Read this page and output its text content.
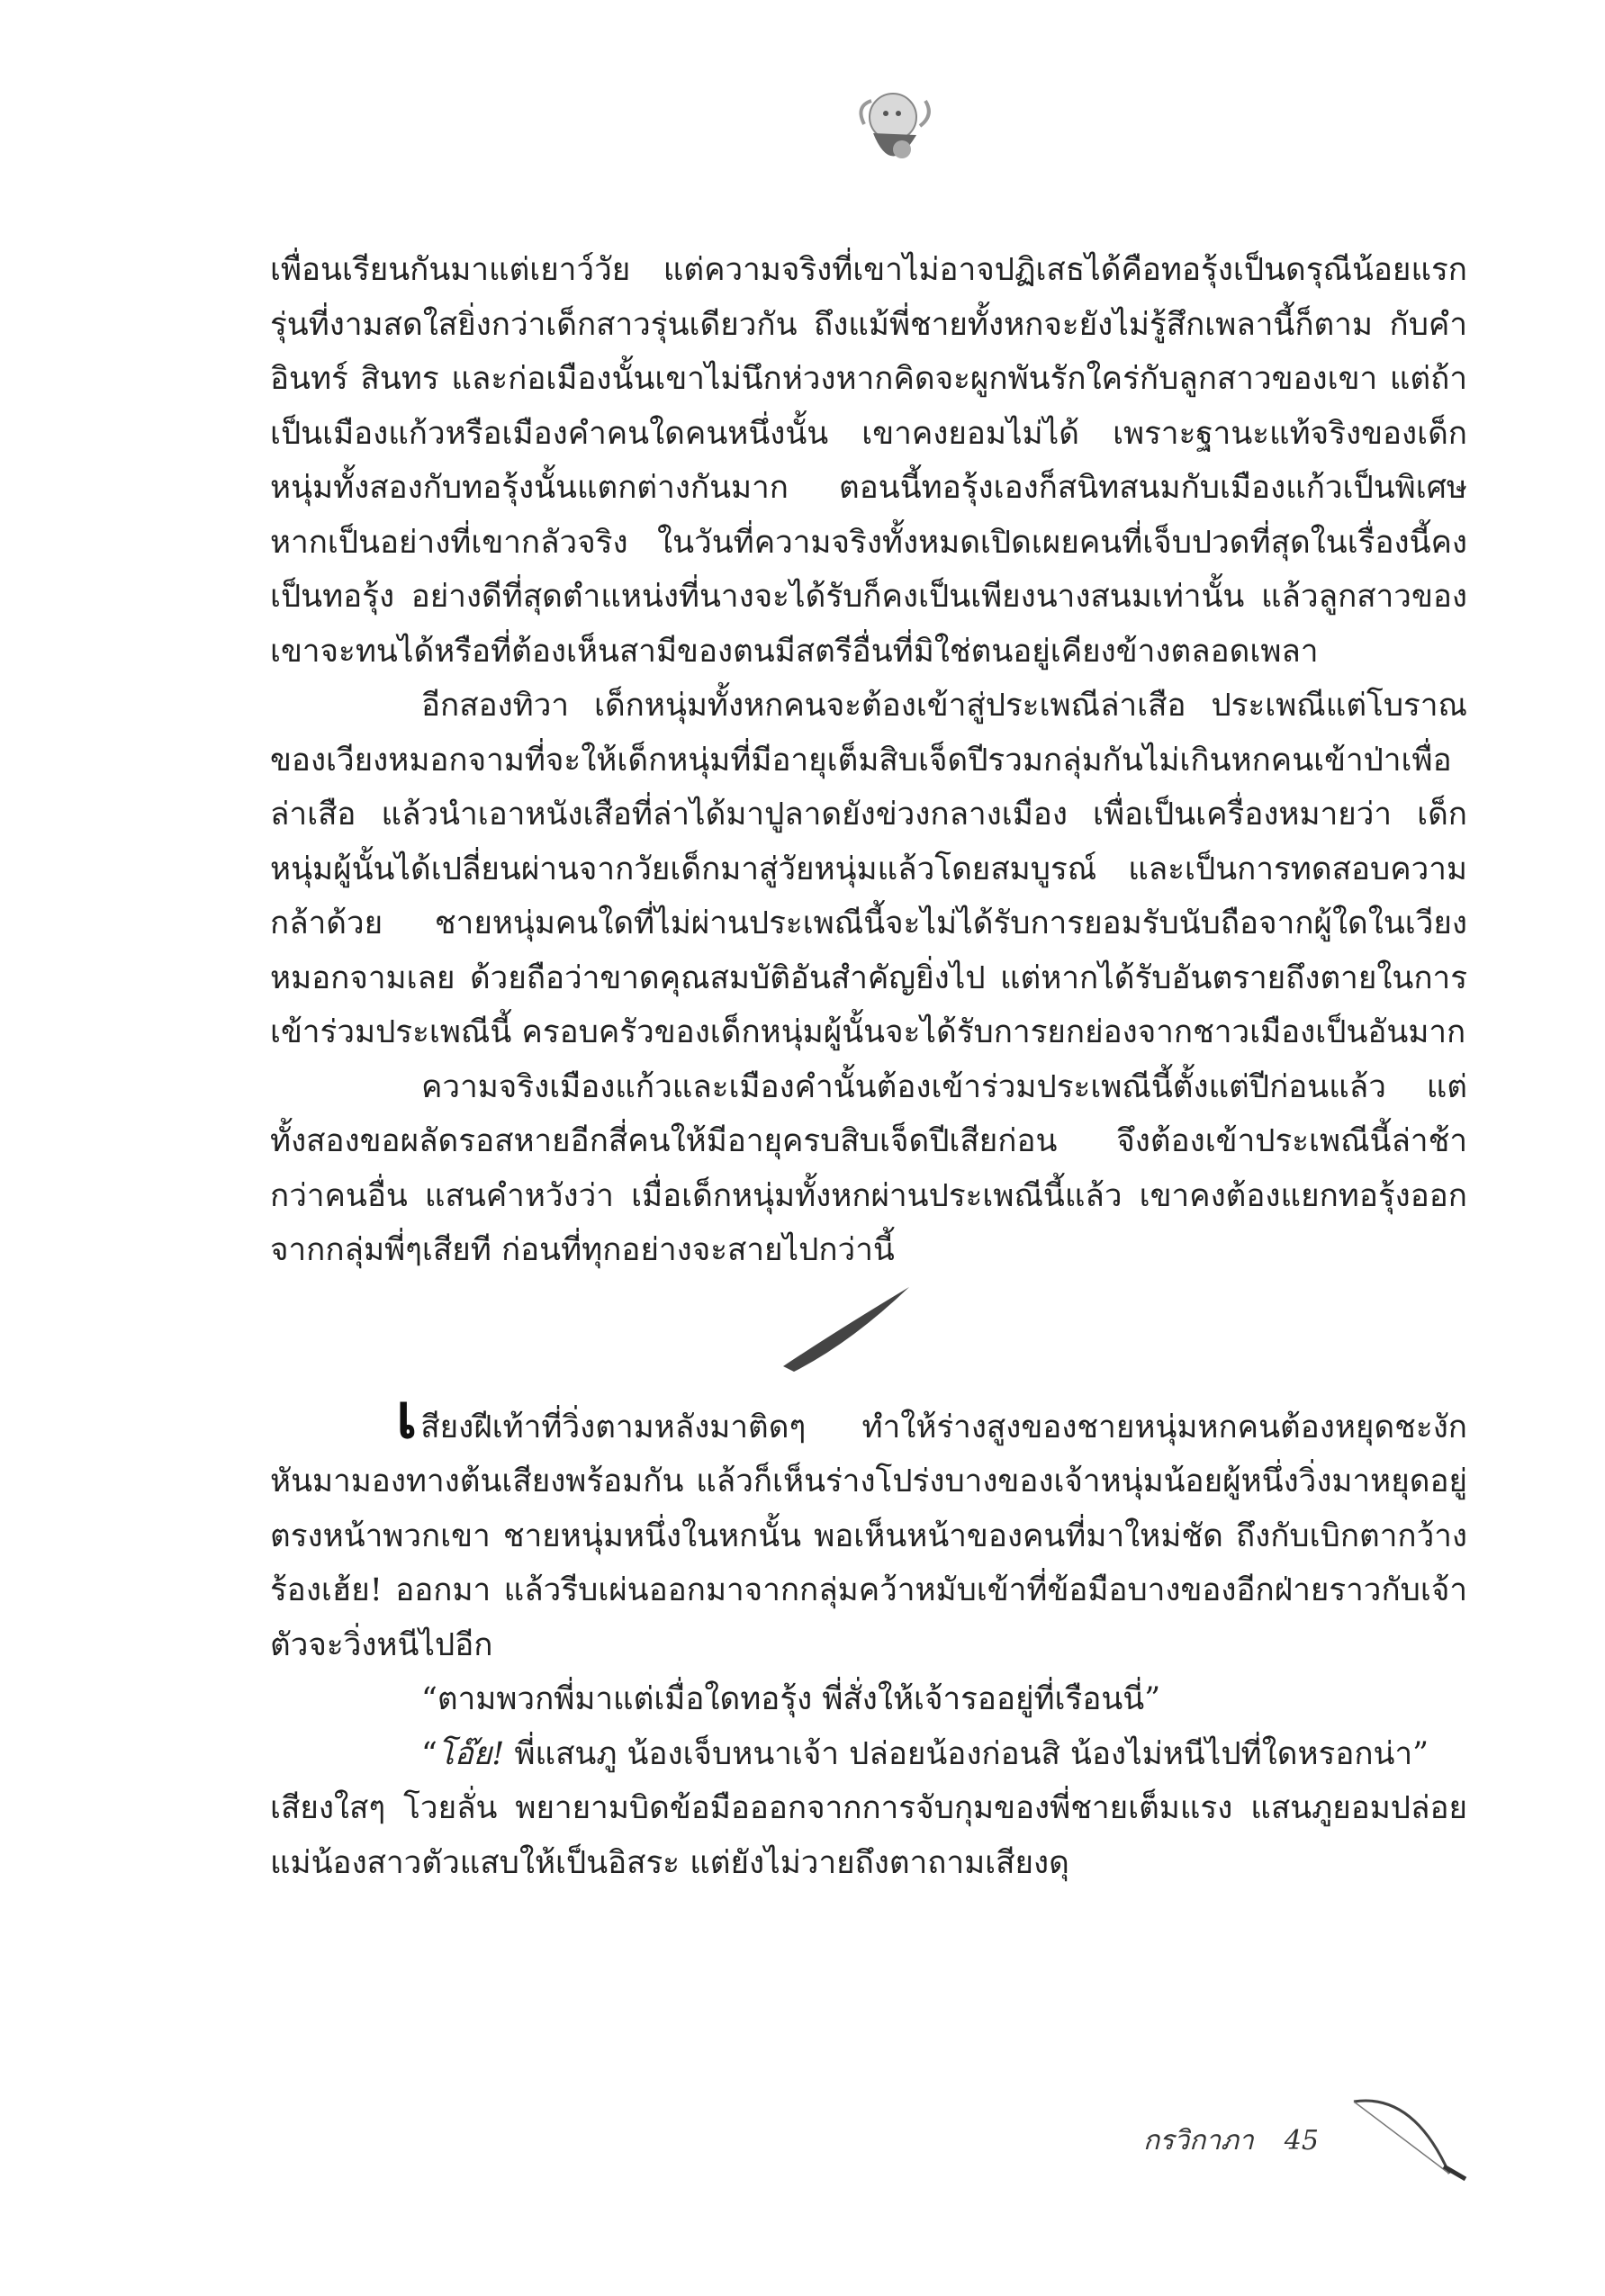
เพื่อนเรียนกันมาแต่เยาว์วัย แต่ความจริงที่เขาไม่อาจปฏิเสธได้คือทอรุ้งเป็นดรุณีน้อยแรกรุ่นที่งามสดใสยิ่งกว่าเด็กสาวรุ่นเดียวกัน ถึงแม้พี่ชายทั้งหกจะยังไม่รู้สึกเพลานี้ก็ตาม กับคำอินทร์ สินทร และก่อเมืองนั้นเขาไม่นึกห่วงหากคิดจะผูกพันรักใคร่กับลูกสาวของเขา แต่ถ้าเป็นเมืองแก้วหรือเมืองคำคนใดคนหนึ่งนั้น เขาคงยอมไม่ได้ เพราะฐานะแท้จริงของเด็กหนุ่มทั้งสองกับทอรุ้งนั้นแตกต่างกันมาก ตอนนี้ทอรุ้งเองก็สนิทสนมกับเมืองแก้วเป็นพิเศษ หากเป็นอย่างที่เขากลัวจริง ในวันที่ความจริงทั้งหมดเปิดเผยคนที่เจ็บปวดที่สุดในเรื่องนี้คงเป็นทอรุ้ง อย่างดีที่สุดตำแหน่งที่นางจะได้รับก็คงเป็นเพียงนางสนมเท่านั้น แล้วลูกสาวของเขาจะทนได้หรือที่ต้องเห็นสามีของตนมีสตรีอื่นที่มิใช่ตนอยู่เคียงข้างตลอดเพลา

อีกสองทิวา เด็กหนุ่มทั้งหกคนจะต้องเข้าสู่ประเพณีล่าเสือ ประเพณีแต่โบราณของเวียงหมอกจามที่จะให้เด็กหนุ่มที่มีอายุเต็มสิบเจ็ดปีรวมกลุ่มกันไม่เกินหกคนเข้าป่าเพื่อล่าเสือ แล้วนำเอาหนังเสือที่ล่าได้มาปูลาดยังข่วงกลางเมือง เพื่อเป็นเครื่องหมายว่า เด็กหนุ่มผู้นั้นได้เปลี่ยนผ่านจากวัยเด็กมาสู่วัยหนุ่มแล้วโดยสมบูรณ์ และเป็นการทดสอบความกล้าด้วย ชายหนุ่มคนใดที่ไม่ผ่านประเพณีนี้จะไม่ได้รับการยอมรับนับถือจากผู้ใดในเวียงหมอกจามเลย ด้วยถือว่าขาดคุณสมบัติอันสำคัญยิ่งไป แต่หากได้รับอันตรายถึงตายในการเข้าร่วมประเพณีนี้ ครอบครัวของเด็กหนุ่มผู้นั้นจะได้รับการยกย่องจากชาวเมืองเป็นอันมาก

ความจริงเมืองแก้วและเมืองคำนั้นต้องเข้าร่วมประเพณีนี้ตั้งแต่ปีก่อนแล้ว แต่ทั้งสองขอผลัดรอสหายอีกสี่คนให้มีอายุครบสิบเจ็ดปีเสียก่อน จึงต้องเข้าประเพณีนี้ล่าช้ากว่าคนอื่น แสนคำหวังว่า เมื่อเด็กหนุ่มทั้งหกผ่านประเพณีนี้แล้ว เขาคงต้องแยกทอรุ้งออกจากกลุ่มพี่ๆเสียที ก่อนที่ทุกอย่างจะสายไปกว่านี้

เสียงฝีเท้าที่วิ่งตามหลังมาติดๆ ทำให้ร่างสูงของชายหนุ่มหกคนต้องหยุดชะงัก หันมามองทางต้นเสียงพร้อมกัน แล้วก็เห็นร่างโปร่งบางของเจ้าหนุ่มน้อยผู้หนึ่งวิ่งมาหยุดอยู่ตรงหน้าพวกเขา ชายหนุ่มหนึ่งในหกนั้น พอเห็นหน้าของคนที่มาใหม่ชัด ถึงกับเบิกตากว้างร้องเฮ้ย! ออกมา แล้วรีบเผ่นออกมาจากกลุ่มคว้าหมับเข้าที่ข้อมือบางของอีกฝ่ายราวกับเจ้าตัวจะวิ่งหนีไปอีก

“ตามพวกพี่มาแต่เมื่อใดทอรุ้ง พี่สั่งให้เจ้ารออยู่ที่เรือนนี่”

“โอ๊ย! พี่แสนภู น้องเจ็บหนาเจ้า ปล่อยน้องก่อนสิ น้องไม่หนีไปที่ใดหรอกน่า”

เสียงใสๆ โวยลั่น พยายามบิดข้อมือออกจากการจับกุมของพี่ชายเต็มแรง แสนภูยอมปล่อยแม่น้องสาวตัวแสบให้เป็นอิสระ แต่ยังไม่วายถึงตาถามเสียงดุ

กรวิกาภา 45
